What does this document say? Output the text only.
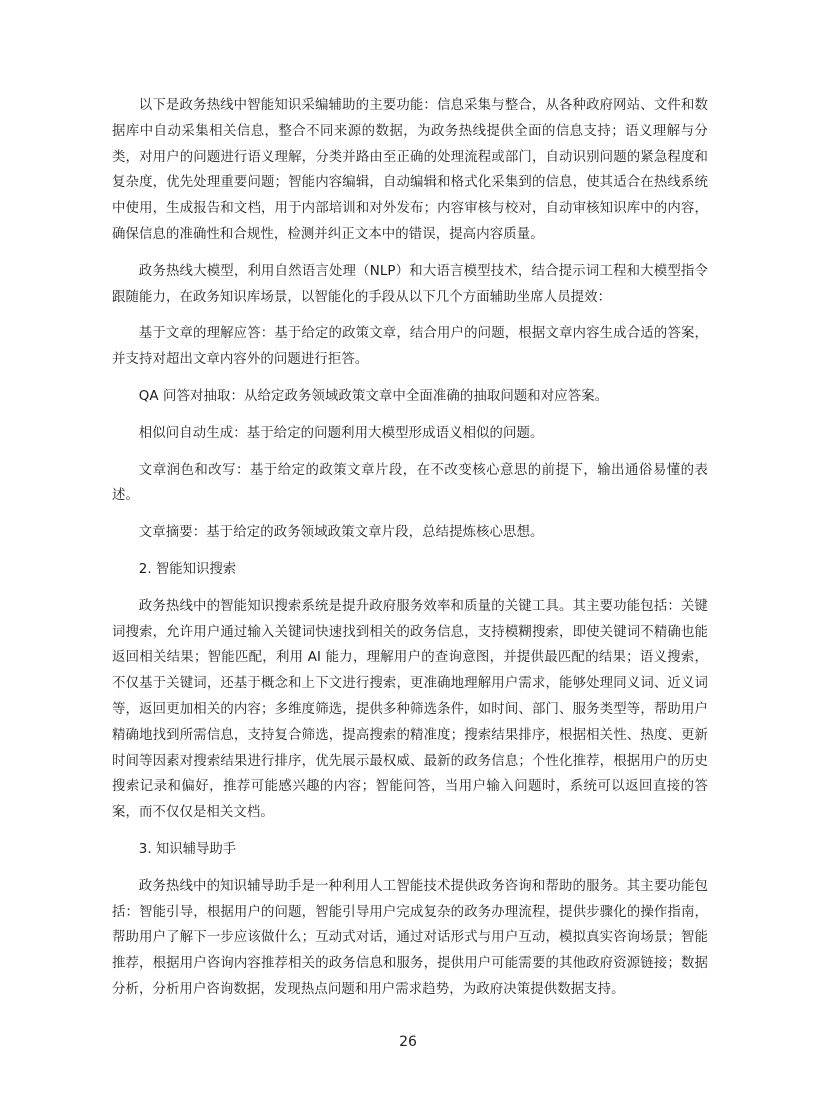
以下是政务热线中智能知识采编辅助的主要功能：信息采集与整合，从各种政府网站、文件和数据库中自动采集相关信息，整合不同来源的数据，为政务热线提供全面的信息支持；语义理解与分类，对用户的问题进行语义理解，分类并路由至正确的处理流程或部门，自动识别问题的紧急程度和复杂度，优先处理重要问题；智能内容编辑，自动编辑和格式化采集到的信息，使其适合在热线系统中使用，生成报告和文档，用于内部培训和对外发布；内容审核与校对，自动审核知识库中的内容，确保信息的准确性和合规性，检测并纠正文本中的错误，提高内容质量。

政务热线大模型，利用自然语言处理（NLP）和大语言模型技术，结合提示词工程和大模型指令跟随能力，在政务知识库场景，以智能化的手段从以下几个方面辅助坐席人员提效：

基于文章的理解应答：基于给定的政策文章，结合用户的问题，根据文章内容生成合适的答案，并支持对超出文章内容外的问题进行拒答。

QA 问答对抽取：从给定政务领域政策文章中全面准确的抽取问题和对应答案。

相似问自动生成：基于给定的问题利用大模型形成语义相似的问题。

文章润色和改写：基于给定的政策文章片段，在不改变核心意思的前提下，输出通俗易懂的表述。

文章摘要：基于给定的政务领域政策文章片段，总结提炼核心思想。

2. 智能知识搜索

政务热线中的智能知识搜索系统是提升政府服务效率和质量的关键工具。其主要功能包括：关键词搜索，允许用户通过输入关键词快速找到相关的政务信息，支持模糊搜索，即使关键词不精确也能返回相关结果；智能匹配，利用 AI 能力，理解用户的查询意图，并提供最匹配的结果；语义搜索，不仅基于关键词，还基于概念和上下文进行搜索，更准确地理解用户需求，能够处理同义词、近义词等，返回更加相关的内容；多维度筛选，提供多种筛选条件，如时间、部门、服务类型等，帮助用户精确地找到所需信息，支持复合筛选，提高搜索的精准度；搜索结果排序，根据相关性、热度、更新时间等因素对搜索结果进行排序，优先展示最权威、最新的政务信息；个性化推荐，根据用户的历史搜索记录和偏好，推荐可能感兴趣的内容；智能问答，当用户输入问题时，系统可以返回直接的答案，而不仅仅是相关文档。

3. 知识辅导助手

政务热线中的知识辅导助手是一种利用人工智能技术提供政务咨询和帮助的服务。其主要功能包括：智能引导，根据用户的问题，智能引导用户完成复杂的政务办理流程，提供步骤化的操作指南，帮助用户了解下一步应该做什么；互动式对话，通过对话形式与用户互动，模拟真实咨询场景；智能推荐，根据用户咨询内容推荐相关的政务信息和服务，提供用户可能需要的其他政府资源链接；数据分析，分析用户咨询数据，发现热点问题和用户需求趋势，为政府决策提供数据支持。

26
